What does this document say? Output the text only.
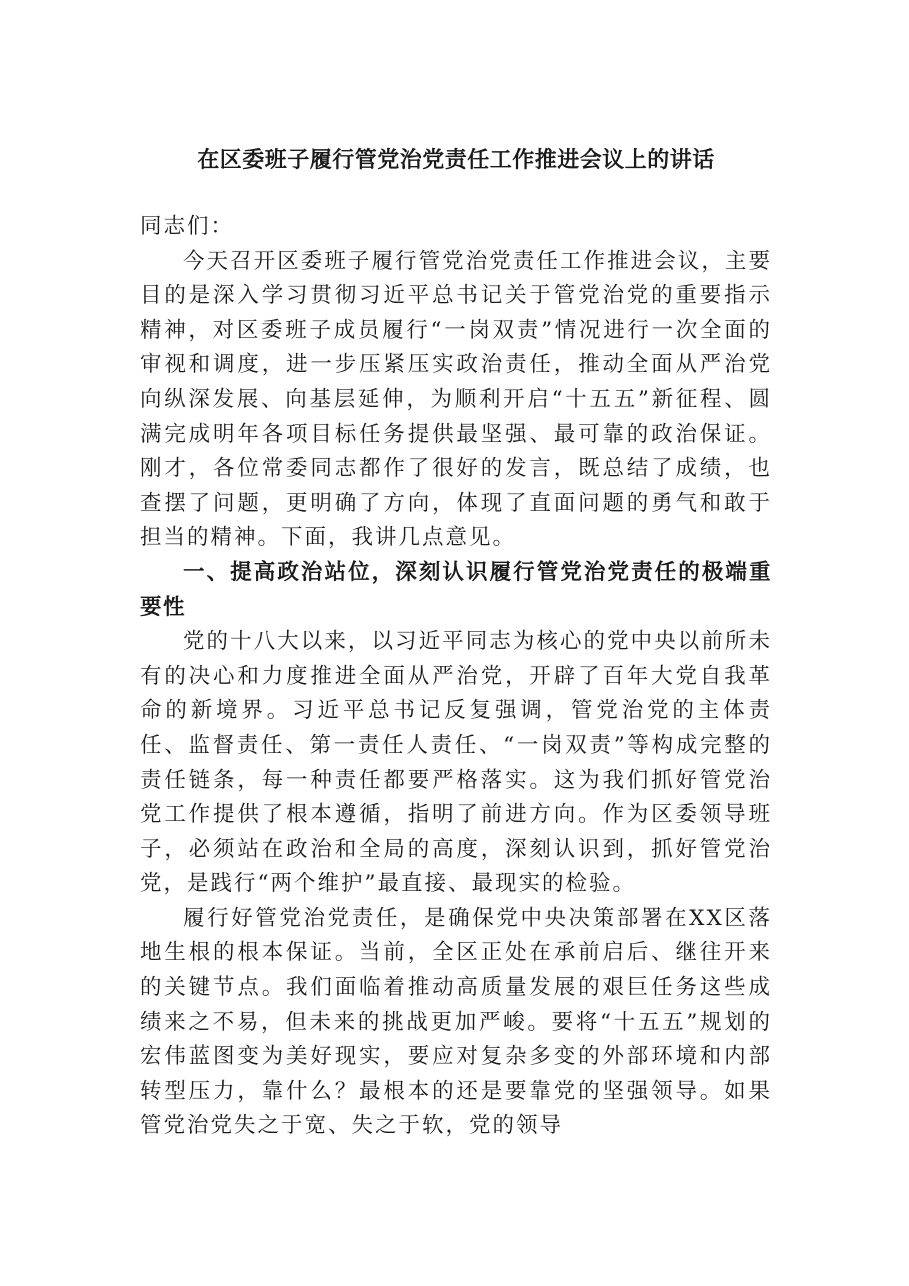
在区委班子履行管党治党责任工作推进会议上的讲话

同志们：

今天召开区委班子履行管党治党责任工作推进会议，主要目的是深入学习贯彻习近平总书记关于管党治党的重要指示精神，对区委班子成员履行“一岗双责”情况进行一次全面的审视和调度，进一步压紧压实政治责任，推动全面从严治党向纵深发展、向基层延伸，为顺利开启“十五五”新征程、圆满完成明年各项目标任务提供最坚强、最可靠的政治保证。刚才，各位常委同志都作了很好的发言，既总结了成绩，也查摆了问题，更明确了方向，体现了直面问题的勇气和敢于担当的精神。下面，我讲几点意见。

一、提高政治站位，深刻认识履行管党治党责任的极端重要性

党的十八大以来，以习近平同志为核心的党中央以前所未有的决心和力度推进全面从严治党，开辟了百年大党自我革命的新境界。习近平总书记反复强调，管党治党的主体责任、监督责任、第一责任人责任、“一岗双责”等构成完整的责任链条，每一种责任都要严格落实。这为我们抓好管党治党工作提供了根本遵循，指明了前进方向。作为区委领导班子，必须站在政治和全局的高度，深刻认识到，抓好管党治党，是践行“两个维护”最直接、最现实的检验。

履行好管党治党责任，是确保党中央决策部署在XX区落地生根的根本保证。当前，全区正处在承前启后、继往开来的关键节点。我们面临着推动高质量发展的艰巨任务这些成绩来之不易，但未来的挑战更加严峻。要将“十五五”规划的宏伟蓝图变为美好现实，要应对复杂多变的外部环境和内部转型压力，靠什么？最根本的还是要靠党的坚强领导。如果管党治党失之于宽、失之于软，党的领导
